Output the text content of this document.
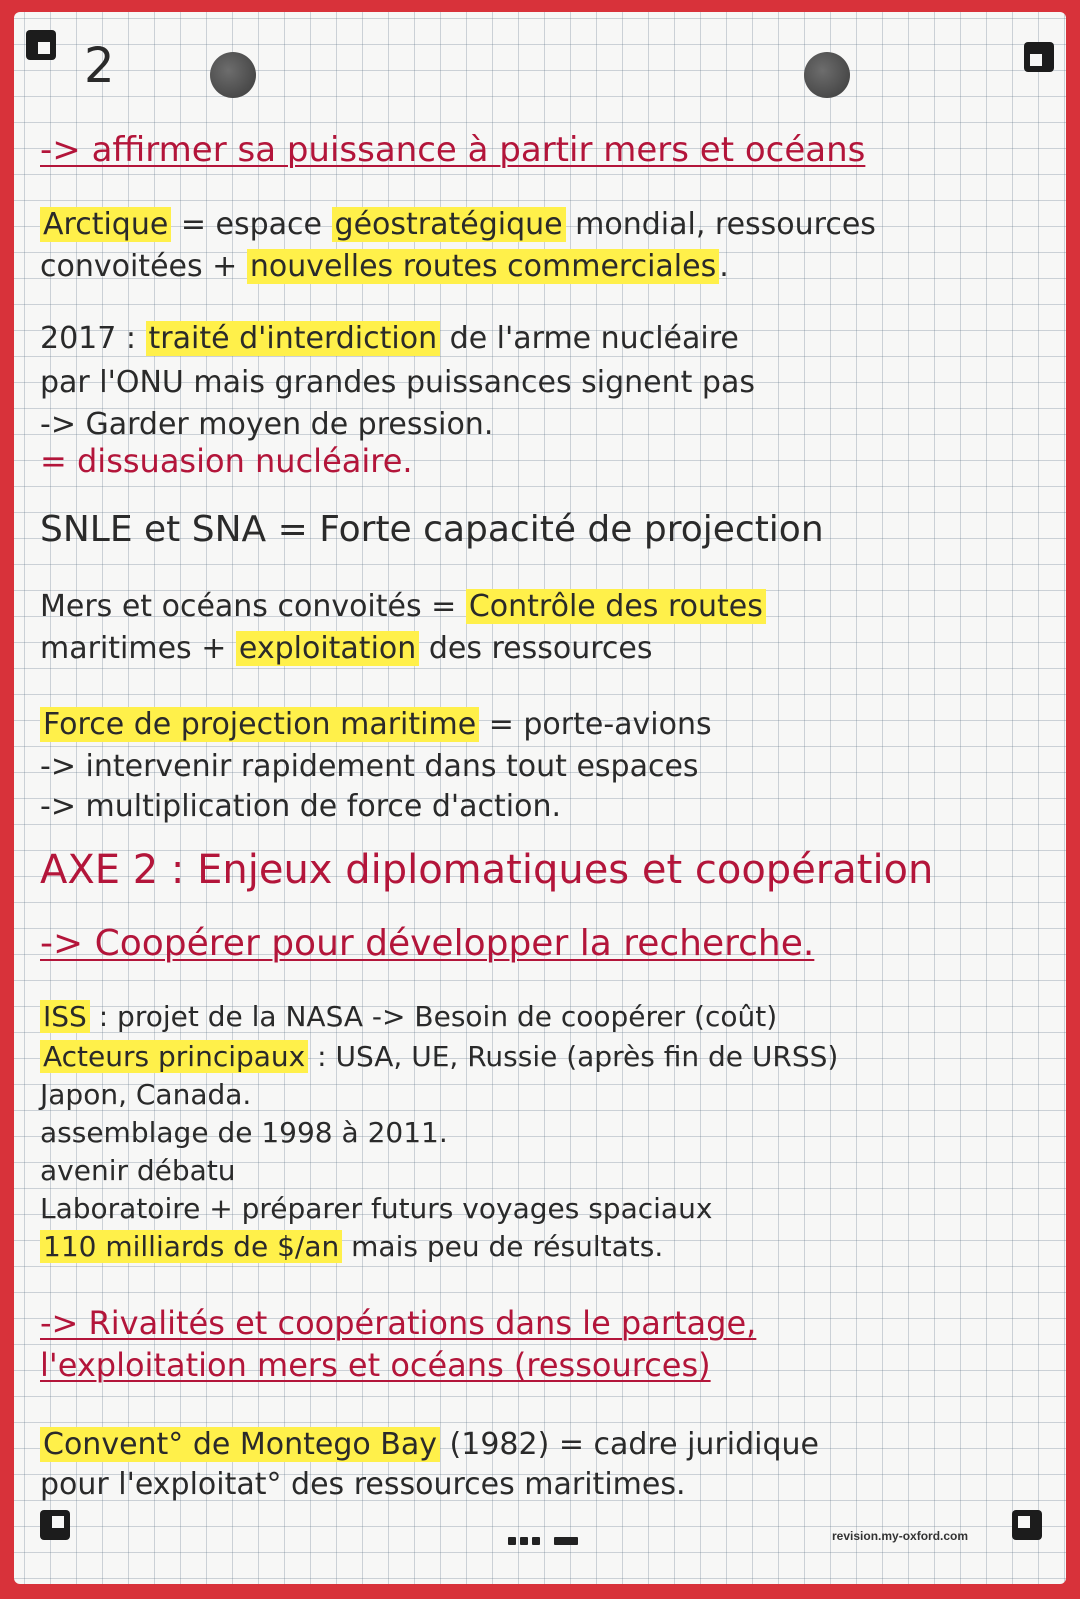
2
-> affirmer sa puissance à partir mers et océans
Arctique = espace géostratégique mondial, ressources
convoitées + nouvelles routes commerciales .
2017 : traité d'interdiction de l'arme nucléaire
par l'ONU mais grandes puissances signent pas
-> Garder moyen de pression.
= dissuasion nucléaire.
SNLE et SNA = Forte capacité de projection
Mers et océans convoités = Contrôle des routes
maritimes + exploitation des ressources
Force de projection maritime = porte-avions
-> intervenir rapidement dans tout espaces
-> multiplication de force d'action.
AXE 2 : Enjeux diplomatiques et coopération
-> Coopérer pour développer la recherche.
ISS : projet de la NASA -> Besoin de coopérer (coût)
Acteurs principaux : USA, UE, Russie (après fin de URSS)
Japon, Canada.
assemblage de 1998 à 2011.
avenir débatu
Laboratoire + préparer futurs voyages spaciaux
110 milliards de $/an mais peu de résultats.
-> Rivalités et coopérations dans le partage,
l'exploitation mers et océans (ressources)
Convent° de Montego Bay (1982) = cadre juridique
pour l'exploitat° des ressources maritimes.
revision.my-oxford.com
